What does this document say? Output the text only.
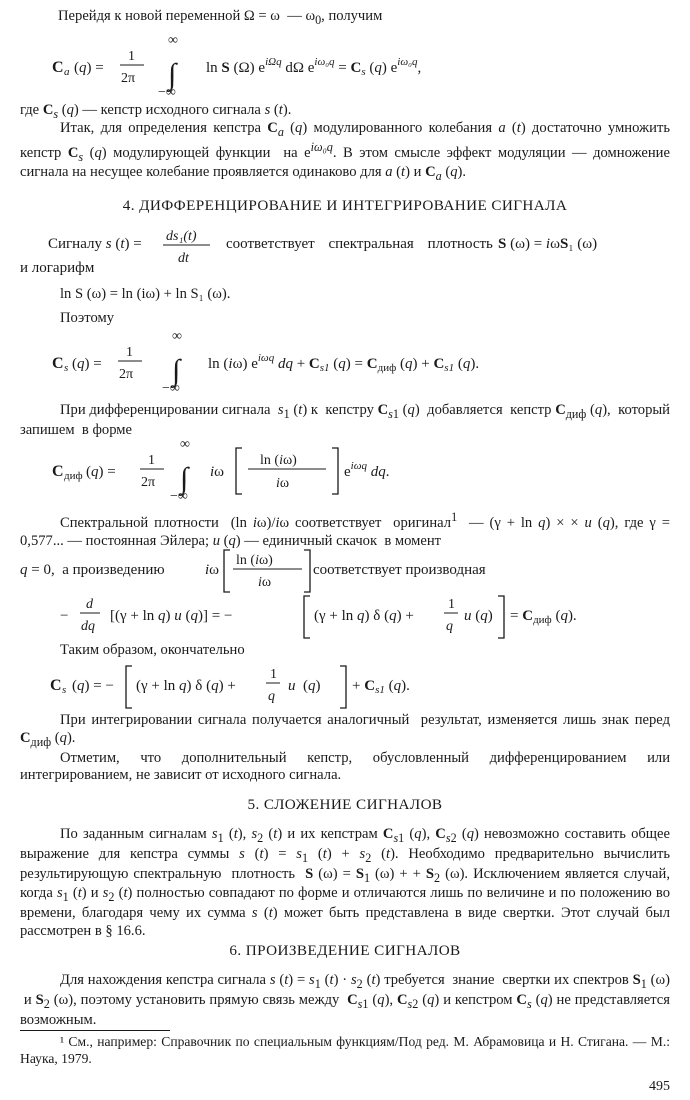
Перейдя к новой переменной Ω = ω  — $\omega_0$, получим

C a (q) =
1
2π
∞
∫
−∞
ln S (Ω) $e^{i\Omega q}$ dΩ $e^{i\omega_0q} = C_s$ (q) $e^{i\omega_0q}$,

где $C_s$ (q) — кепстр исходного сигнала s (t).

Итак, для определения кепстра $C_a$ (q) модулированного колебания a (t) достаточно умножить кепстр $C_s$ (q) модулирующей функции  на $e^{i\omega_0q}$. В этом смысле эффект модуляции — домножение сигнала на несущее колебание проявляется одинаково для a (t) и $C_a$ (q).

4. ДИФФЕРЕНЦИРОВАНИЕ И ИНТЕГРИРОВАНИЕ СИГНАЛА
Сигналу s (t) = ds₁(t)
dt
соответствует спектральная плотность S (ω) = iωS₁ (ω)
и логарифм
ln S (ω) = ln (iω) + ln S₁ (ω).
Поэтому
C s (q) =
1
2π
∞
∫
−∞
ln (iω) $e^{i\omega q}$ dq + $C_{s1}$ $(q) = C_{диф}$ $(q) + C_{s1}$ (q).

При дифференцировании сигнала  $s_1$ (t) к  кепстру $C_{s1}$ (q)  добавляется  кепстр $C_{диф}$ (q),  который запишем  в форме

C диф (q) =
1
2π
∞
∫
−∞
iω
ln (iω)
iω
$e^{i\omega q}$ dq.

Спектральной плотности  (ln iω)/iω соответствует  оригинал$^1$  — (γ + ln q) × × u (q), где γ = 0,577... — постоянная Эйлера; u (q) — единичный скачок  в момент

q = 0,  а произведению	iω
ln (iω)
iω
соответствует производная
−
d
dq
[(γ + ln q) u (q)] = −	(γ + ln q) δ (q) +
1
q
u $(q) = C_{диф}$ (q).
Таким образом, окончательно
C s (q) = − (γ + ln q) δ (q) +
1
q
u  $(q) + C_{s1}$ (q).

При интегрировании сигнала получается аналогичный  результат, изменяется лишь знак перед $C_{диф}$ (q).

Отметим, что дополнительный кепстр, обусловленный дифференцированием или интегрированием, не зависит от исходного сигнала.

5. СЛОЖЕНИЕ СИГНАЛОВ

По заданным сигналам $s_1$ (t), $s_2$ (t) и их кепстрам $C_{s1}$ (q), $C_{s2}$ (q) невозможно составить общее выражение для кепстра суммы s $(t) = s_1$ $(t) + s_2$ (t). Необходимо предварительно вычислить результирующую спектральную  плотность  S $(\omega) = S_1$ (ω) + + $S_2$ (ω). Исключением является случай, когда $s_1$ (t) и $s_2$ (t) полностью совпадают по форме и отличаются лишь по величине и по положению во времени, благодаря чему их сумма s (t) может быть представлена в виде свертки. Этот случай был рассмотрен в § 16.6.

6. ПРОИЗВЕДЕНИЕ СИГНАЛОВ

Для нахождения кепстра сигнала s $(t) = s_1$ $(t) \cdot s_2$ (t) требуется  знание  свертки их спектров $S_1$ (ω)  и $S_2$ (ω), поэтому установить прямую связь между  $C_{s1}$ (q), $C_{s2}$ (q) и кепстром $C_s$ (q) не представляется возможным.

¹ См., например: Справочник по специальным функциям/Под ред. М. Абрамовица и Н. Стигана. — М.: Наука, 1979.
495
